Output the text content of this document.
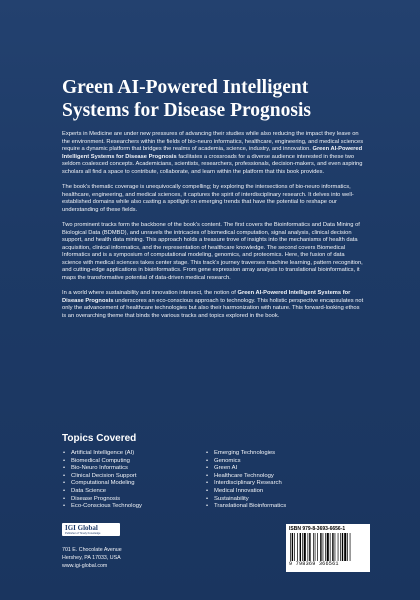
Green AI-Powered Intelligent
Systems for Disease Prognosis

Experts in Medicine are under new pressures of advancing their studies while also reducing the impact they leave on the environment. Researchers within the fields of bio-neuro informatics, healthcare, engineering, and medical sciences require a dynamic platform that bridges the realms of academia, science, industry, and innovation. Green AI-Powered Intelligent Systems for Disease Prognosis facilitates a crossroads for a diverse audience interested in these two seldom coalesced concepts. Academicians, scientists, researchers, professionals, decision-makers, and even aspiring scholars all find a space to contribute, collaborate, and learn within the platform that this book provides.

The book's thematic coverage is unequivocally compelling; by exploring the intersections of bio-neuro informatics, healthcare, engineering, and medical sciences, it captures the spirit of interdisciplinary research. It delves into well-established domains while also casting a spotlight on emerging trends that have the potential to reshape our understanding of these fields.

Two prominent tracks form the backbone of the book's content. The first covers the Bioinformatics and Data Mining of Biological Data (BDMBD), and unravels the intricacies of biomedical computation, signal analysis, clinical decision support, and health data mining. This approach holds a treasure trove of insights into the mechanisms of health data acquisition, clinical informatics, and the representation of healthcare knowledge. The second covers Biomedical Informatics and is a symposium of computational modeling, genomics, and proteomics. Here, the fusion of data science with medical sciences takes center stage. This track's journey traverses machine learning, pattern recognition, and cutting-edge applications in bioinformatics. From gene expression array analysis to translational bioinformatics, it maps the transformative potential of data-driven medical research.

In a world where sustainability and innovation intersect, the notion of Green AI-Powered Intelligent Systems for Disease Prognosis underscores an eco-conscious approach to technology. This holistic perspective encapsulates not only the advancement of healthcare technologies but also their harmonization with nature. This forward-looking ethos is an overarching theme that binds the various tracks and topics explored in the book.

Topics Covered
• Artificial Intelligence (AI)
• Biomedical Computing
• Bio-Neuro Informatics
• Clinical Decision Support
• Computational Modeling
• Data Science
• Disease Prognosis
• Eco-Conscious Technology
• Emerging Technologies
• Genomics
• Green AI
• Healthcare Technology
• Interdisciplinary Research
• Medical Innovation
• Sustainability
• Translational Bioinformatics
IGI Global
Publisher of Timely Knowledge
701 E. Chocolate Avenue
Hershey, PA 17033, USA
www.igi-global.com
ISBN 979-8-3693-6656-1
9 798369 366561
